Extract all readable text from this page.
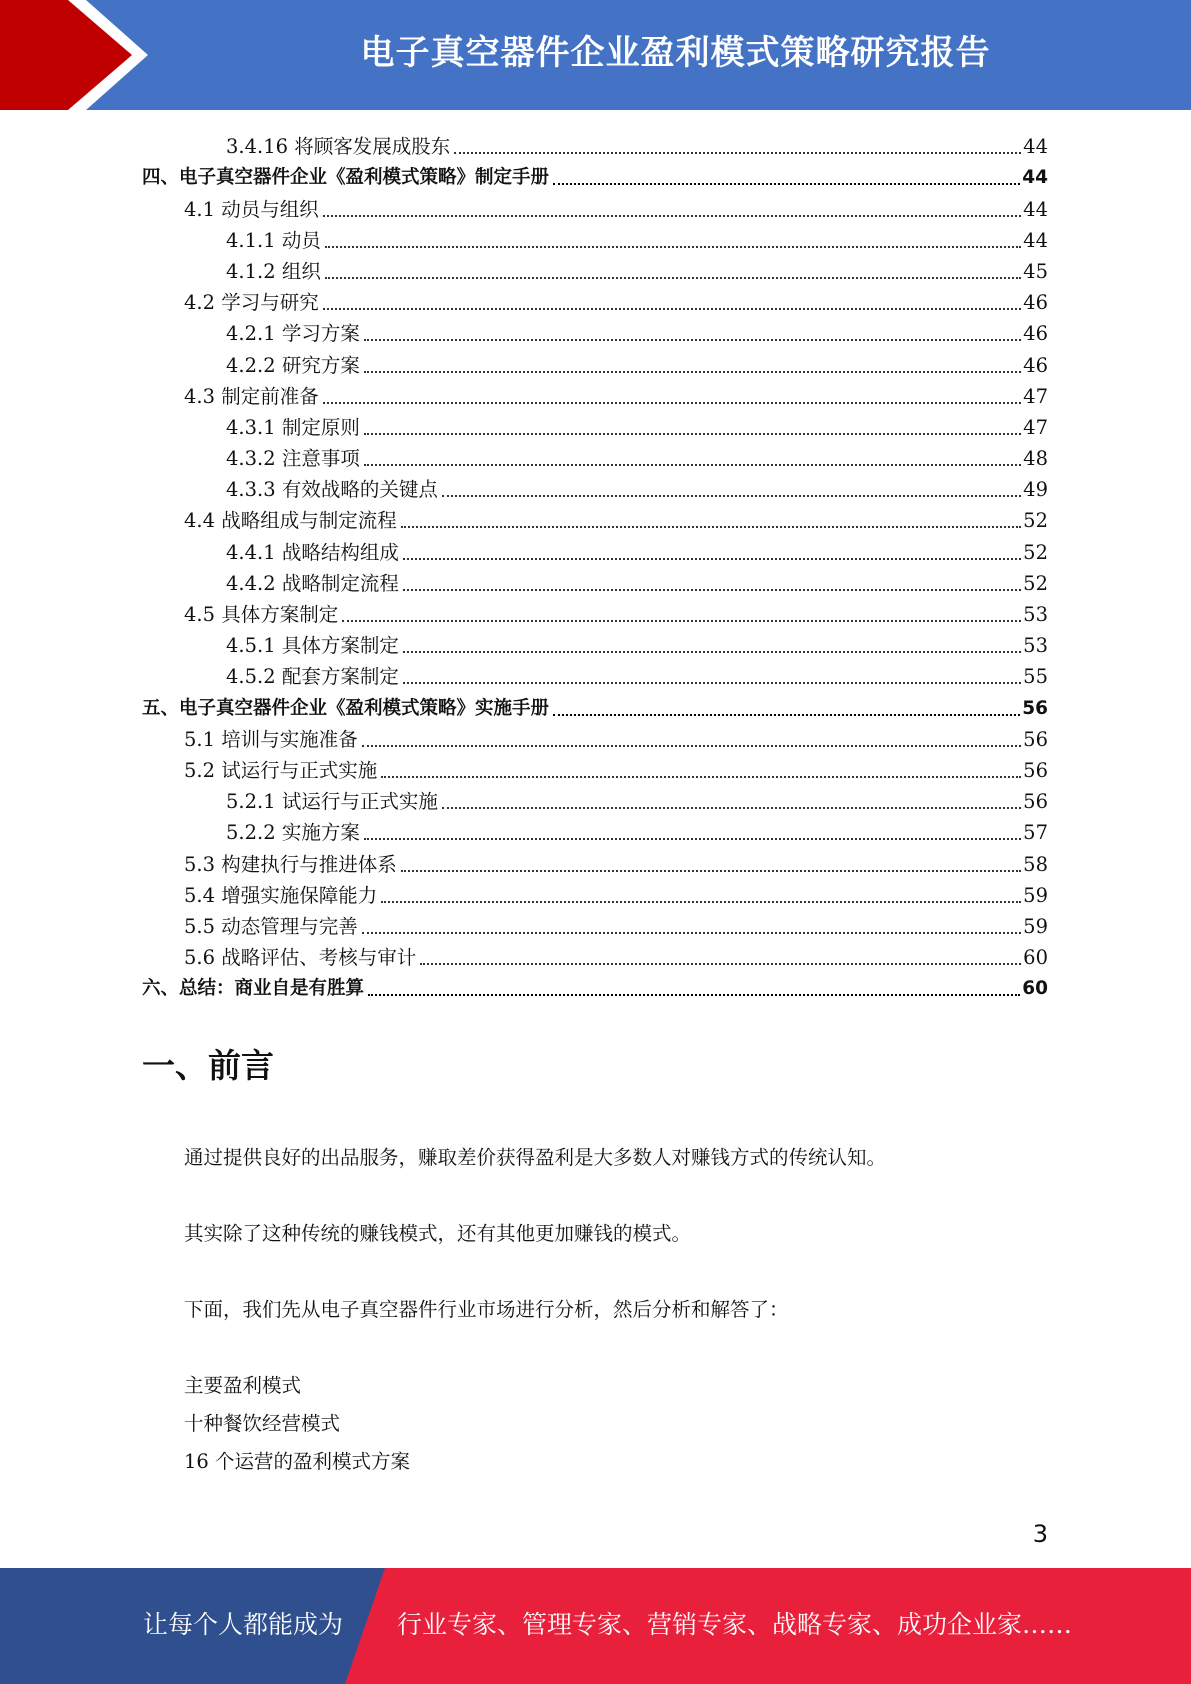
电子真空器件企业盈利模式策略研究报告
3.4.16 将顾客发展成股东	44
四、电子真空器件企业《盈利模式策略》制定手册	44
4.1 动员与组织	44
4.1.1 动员	44
4.1.2 组织	45
4.2 学习与研究	46
4.2.1 学习方案	46
4.2.2 研究方案	46
4.3 制定前准备	47
4.3.1 制定原则	47
4.3.2 注意事项	48
4.3.3 有效战略的关键点	49
4.4 战略组成与制定流程	52
4.4.1 战略结构组成	52
4.4.2 战略制定流程	52
4.5 具体方案制定	53
4.5.1 具体方案制定	53
4.5.2 配套方案制定	55
五、电子真空器件企业《盈利模式策略》实施手册	56
5.1 培训与实施准备	56
5.2 试运行与正式实施	56
5.2.1 试运行与正式实施	56
5.2.2 实施方案	57
5.3 构建执行与推进体系	58
5.4 增强实施保障能力	59
5.5 动态管理与完善	59
5.6 战略评估、考核与审计	60
六、总结：商业自是有胜算	60
一、前言
通过提供良好的出品服务，赚取差价获得盈利是大多数人对赚钱方式的传统认知。
其实除了这种传统的赚钱模式，还有其他更加赚钱的模式。
下面，我们先从电子真空器件行业市场进行分析，然后分析和解答了：
主要盈利模式
十种餐饮经营模式
16 个运营的盈利模式方案
3
让每个人都能成为 行业专家、管理专家、营销专家、战略专家、成功企业家……
